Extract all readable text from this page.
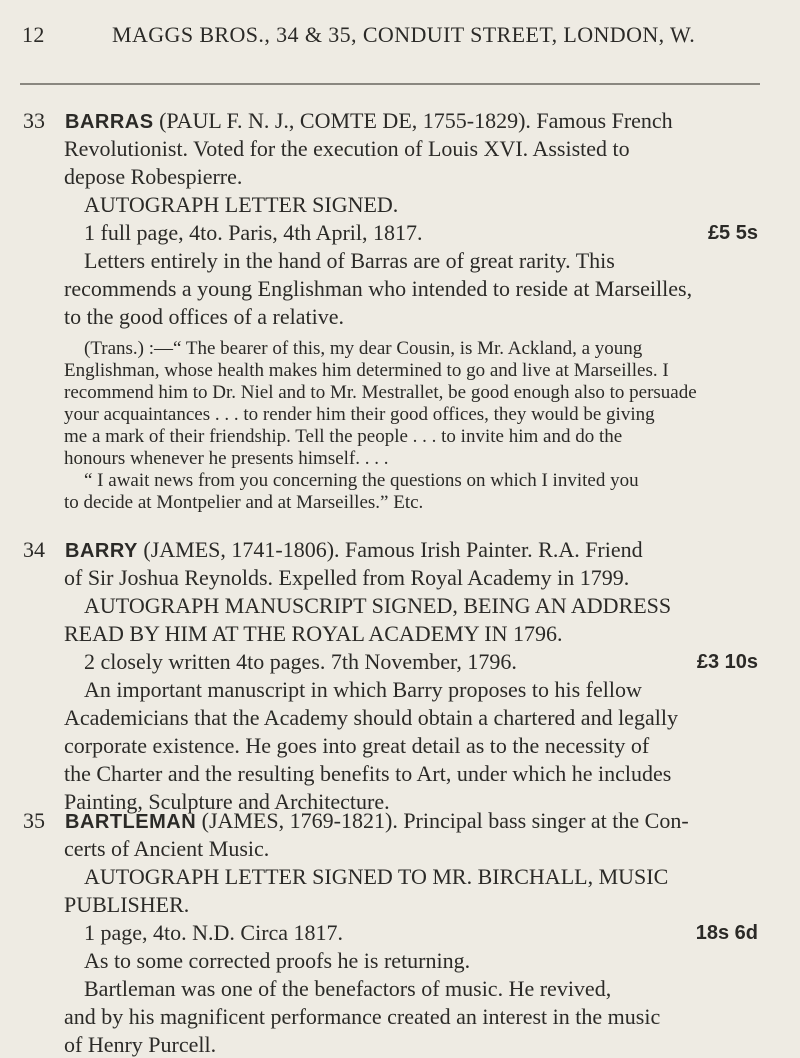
12	MAGGS BROS., 34 & 35, CONDUIT STREET, LONDON, W.
33 BARRAS (PAUL F. N. J., COMTE DE, 1755-1829). Famous French
Revolutionist. Voted for the execution of Louis XVI. Assisted to
depose Robespierre.
AUTOGRAPH LETTER SIGNED.
1 full page, 4to. Paris, 4th April, 1817.	£5 5s
Letters entirely in the hand of Barras are of great rarity. This
recommends a young Englishman who intended to reside at Marseilles,
to the good offices of a relative.
(Trans.) :—“ The bearer of this, my dear Cousin, is Mr. Ackland, a young
Englishman, whose health makes him determined to go and live at Marseilles. I
recommend him to Dr. Niel and to Mr. Mestrallet, be good enough also to persuade
your acquaintances . . . to render him their good offices, they would be giving
me a mark of their friendship. Tell the people . . . to invite him and do the
honours whenever he presents himself. . . .
“ I await news from you concerning the questions on which I invited you
to decide at Montpelier and at Marseilles.” Etc.
34 BARRY (JAMES, 1741-1806). Famous Irish Painter. R.A. Friend
of Sir Joshua Reynolds. Expelled from Royal Academy in 1799.
AUTOGRAPH MANUSCRIPT SIGNED, BEING AN ADDRESS
READ BY HIM AT THE ROYAL ACADEMY IN 1796.
2 closely written 4to pages. 7th November, 1796.	£3 10s
An important manuscript in which Barry proposes to his fellow
Academicians that the Academy should obtain a chartered and legally
corporate existence. He goes into great detail as to the necessity of
the Charter and the resulting benefits to Art, under which he includes
Painting, Sculpture and Architecture.
35 BARTLEMAN (JAMES, 1769-1821). Principal bass singer at the Con-
certs of Ancient Music.
AUTOGRAPH LETTER SIGNED TO MR. BIRCHALL, MUSIC
PUBLISHER.
1 page, 4to. N.D. Circa 1817.	18s 6d
As to some corrected proofs he is returning.
Bartleman was one of the benefactors of music. He revived,
and by his magnificent performance created an interest in the music
of Henry Purcell.
